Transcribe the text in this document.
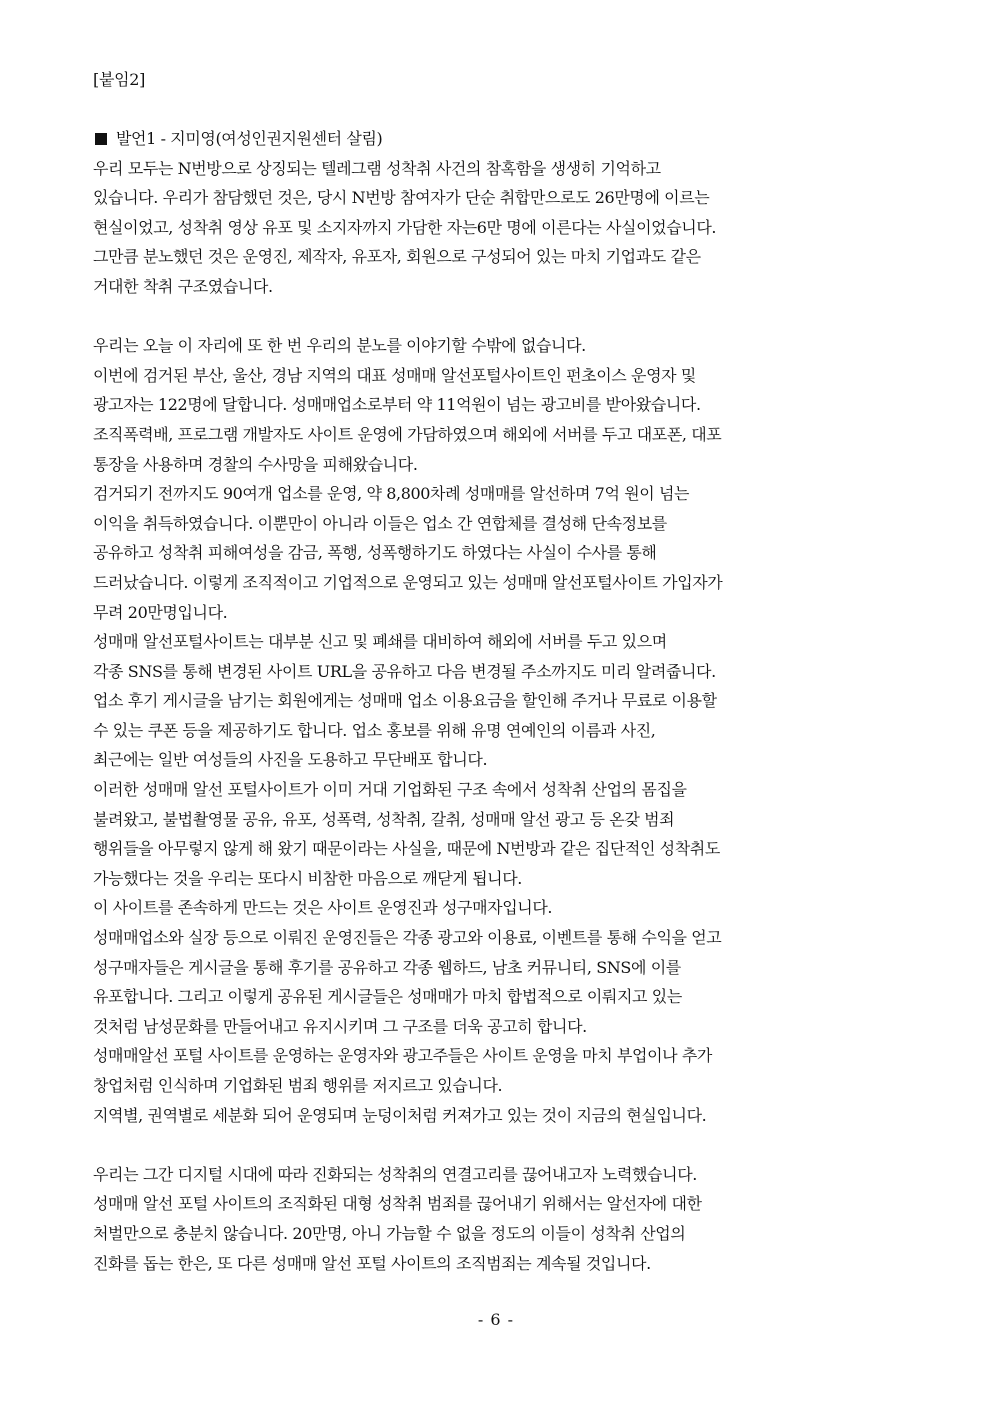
[붙임2]
발언1 - 지미영(여성인권지원센터 살림)
우리 모두는 N번방으로 상징되는 텔레그램 성착취 사건의 참혹함을 생생히 기억하고
있습니다. 우리가 참담했던 것은, 당시 N번방 참여자가 단순 취합만으로도 26만명에 이르는
현실이었고, 성착취 영상 유포 및 소지자까지 가담한 자는6만 명에 이른다는 사실이었습니다.
그만큼 분노했던 것은 운영진, 제작자, 유포자, 회원으로 구성되어 있는 마치 기업과도 같은
거대한 착취 구조였습니다.
우리는 오늘 이 자리에 또 한 번 우리의 분노를 이야기할 수밖에 없습니다.
이번에 검거된 부산, 울산, 경남 지역의 대표 성매매 알선포털사이트인 펀초이스 운영자 및
광고자는 122명에 달합니다. 성매매업소로부터 약 11억원이 넘는 광고비를 받아왔습니다.
조직폭력배, 프로그램 개발자도 사이트 운영에 가담하였으며 해외에 서버를 두고 대포폰, 대포
통장을 사용하며 경찰의 수사망을 피해왔습니다.
검거되기 전까지도 90여개 업소를 운영, 약 8,800차례 성매매를 알선하며 7억 원이 넘는
이익을 취득하였습니다. 이뿐만이 아니라 이들은 업소 간 연합체를 결성해 단속정보를
공유하고 성착취 피해여성을 감금, 폭행, 성폭행하기도 하였다는 사실이 수사를 통해
드러났습니다. 이렇게 조직적이고 기업적으로 운영되고 있는 성매매 알선포털사이트 가입자가
무려 20만명입니다.
성매매 알선포털사이트는 대부분 신고 및 폐쇄를 대비하여 해외에 서버를 두고 있으며
각종 SNS를 통해 변경된 사이트 URL을 공유하고 다음 변경될 주소까지도 미리 알려줍니다.
업소 후기 게시글을 남기는 회원에게는 성매매 업소 이용요금을 할인해 주거나 무료로 이용할
수 있는 쿠폰 등을 제공하기도 합니다. 업소 홍보를 위해 유명 연예인의 이름과 사진,
최근에는 일반 여성들의 사진을 도용하고 무단배포 합니다.
이러한 성매매 알선 포털사이트가 이미 거대 기업화된 구조 속에서 성착취 산업의 몸집을
불려왔고, 불법촬영물 공유, 유포, 성폭력, 성착취, 갈취, 성매매 알선 광고 등 온갖 범죄
행위들을 아무렇지 않게 해 왔기 때문이라는 사실을, 때문에 N번방과 같은 집단적인 성착취도
가능했다는 것을 우리는 또다시 비참한 마음으로 깨닫게 됩니다.
이 사이트를 존속하게 만드는 것은 사이트 운영진과 성구매자입니다.
성매매업소와 실장 등으로 이뤄진 운영진들은 각종 광고와 이용료, 이벤트를 통해 수익을 얻고
성구매자들은 게시글을 통해 후기를 공유하고 각종 웹하드, 남초 커뮤니티, SNS에 이를
유포합니다. 그리고 이렇게 공유된 게시글들은 성매매가 마치 합법적으로 이뤄지고 있는
것처럼 남성문화를 만들어내고 유지시키며 그 구조를 더욱 공고히 합니다.
성매매알선 포털 사이트를 운영하는 운영자와 광고주들은 사이트 운영을 마치 부업이나 추가
창업처럼 인식하며 기업화된 범죄 행위를 저지르고 있습니다.
지역별, 권역별로 세분화 되어 운영되며 눈덩이처럼 커져가고 있는 것이 지금의 현실입니다.
우리는 그간 디지털 시대에 따라 진화되는 성착취의 연결고리를 끊어내고자 노력했습니다.
성매매 알선 포털 사이트의 조직화된 대형 성착취 범죄를 끊어내기 위해서는 알선자에 대한
처벌만으로 충분치 않습니다. 20만명, 아니 가늠할 수 없을 정도의 이들이 성착취 산업의
진화를 돕는 한은, 또 다른 성매매 알선 포털 사이트의 조직범죄는 계속될 것입니다.
- 6 -
